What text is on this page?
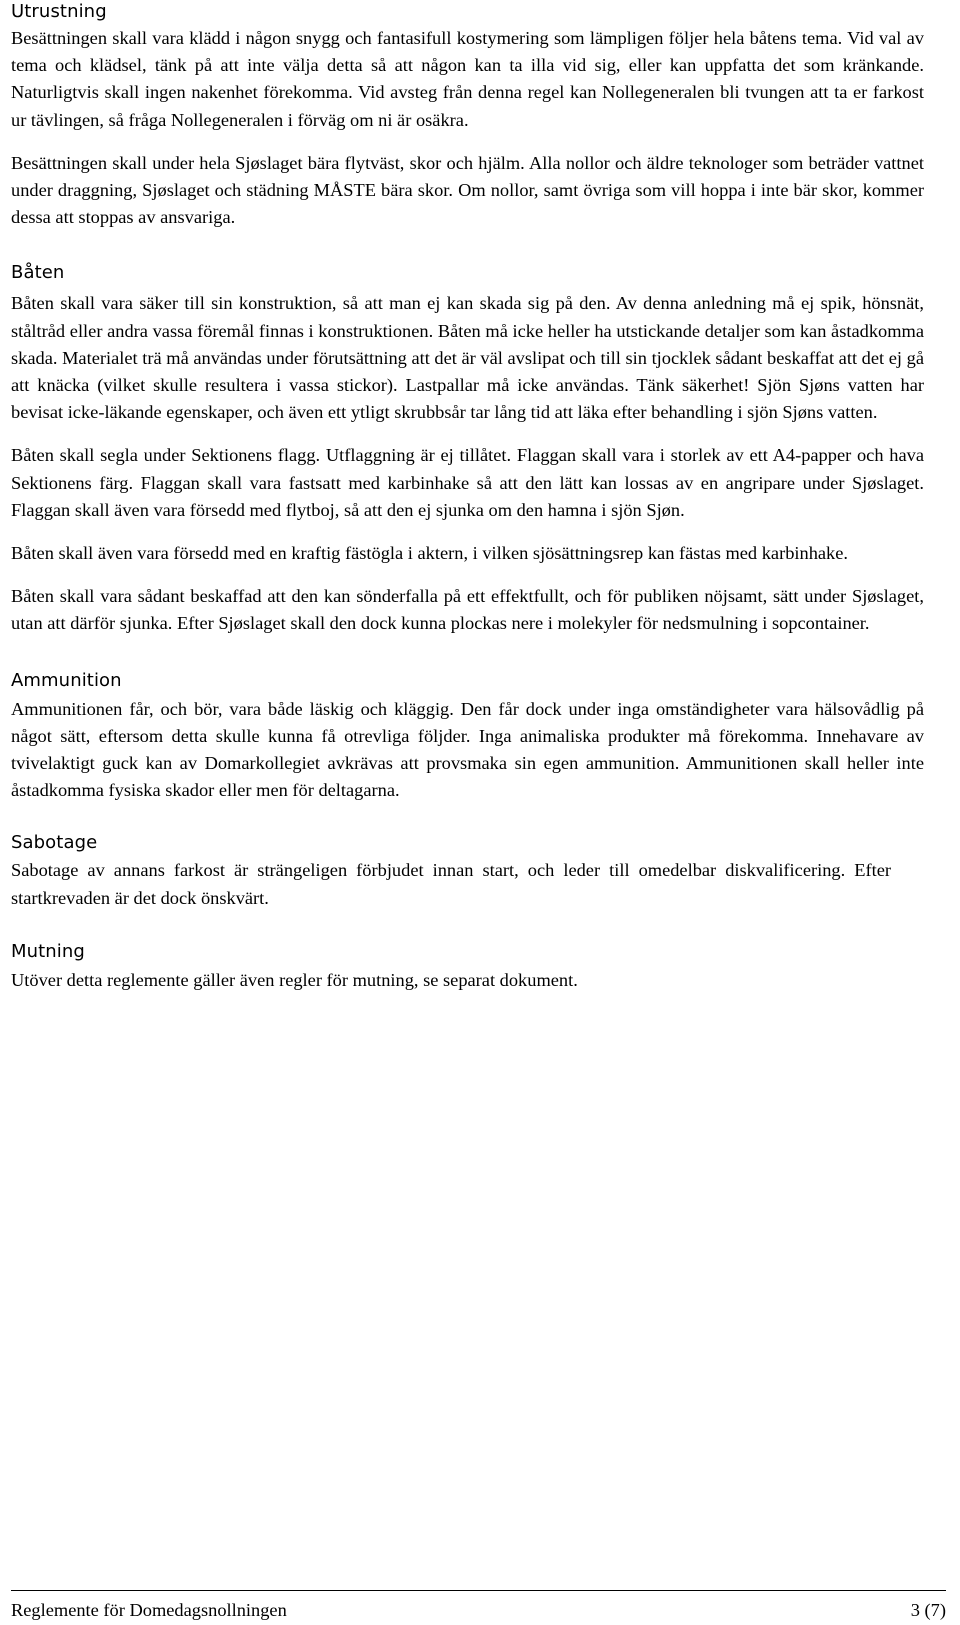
Utrustning

Besättningen skall vara klädd i någon snygg och fantasifull kostymering som lämpligen följer hela båtens tema. Vid val av tema och klädsel, tänk på att inte välja detta så att någon kan ta illa vid sig, eller kan uppfatta det som kränkande. Naturligtvis skall ingen nakenhet förekomma. Vid avsteg från denna regel kan Nollegeneralen bli tvungen att ta er farkost ur tävlingen, så fråga Nollegeneralen i förväg om ni är osäkra.

Besättningen skall under hela Sjøslaget bära flytväst, skor och hjälm. Alla nollor och äldre teknologer som beträder vattnet under draggning, Sjøslaget och städning MÅSTE bära skor. Om nollor, samt övriga som vill hoppa i inte bär skor, kommer dessa att stoppas av ansvariga.

Båten

Båten skall vara säker till sin konstruktion, så att man ej kan skada sig på den. Av denna anledning må ej spik, hönsnät, ståltråd eller andra vassa föremål finnas i konstruktionen. Båten må icke heller ha utstickande detaljer som kan åstadkomma skada. Materialet trä må användas under förutsättning att det är väl avslipat och till sin tjocklek sådant beskaffat att det ej gå att knäcka (vilket skulle resultera i vassa stickor). Lastpallar må icke användas. Tänk säkerhet! Sjön Sjøns vatten har bevisat icke-läkande egenskaper, och även ett ytligt skrubbsår tar lång tid att läka efter behandling i sjön Sjøns vatten.

Båten skall segla under Sektionens flagg. Utflaggning är ej tillåtet. Flaggan skall vara i storlek av ett A4-papper och hava Sektionens färg. Flaggan skall vara fastsatt med karbinhake så att den lätt kan lossas av en angripare under Sjøslaget. Flaggan skall även vara försedd med flytboj, så att den ej sjunka om den hamna i sjön Sjøn.

Båten skall även vara försedd med en kraftig fästögla i aktern, i vilken sjösättningsrep kan fästas med karbinhake.

Båten skall vara sådant beskaffad att den kan sönderfalla på ett effektfullt, och för publiken nöjsamt, sätt under Sjøslaget, utan att därför sjunka. Efter Sjøslaget skall den dock kunna plockas nere i molekyler för nedsmulning i sopcontainer.

Ammunition

Ammunitionen får, och bör, vara både läskig och kläggig. Den får dock under inga omständigheter vara hälsovådlig på något sätt, eftersom detta skulle kunna få otrevliga följder. Inga animaliska produkter må förekomma. Innehavare av tvivelaktigt guck kan av Domarkollegiet avkrävas att provsmaka sin egen ammunition. Ammunitionen skall heller inte åstadkomma fysiska skador eller men för deltagarna.

Sabotage

Sabotage av annans farkost är strängeligen förbjudet innan start, och leder till omedelbar diskvalificering. Efter startkrevaden är det dock önskvärt.

Mutning

Utöver detta reglemente gäller även regler för mutning, se separat dokument.

Reglemente för Domedagsnollningen	3 (7)
